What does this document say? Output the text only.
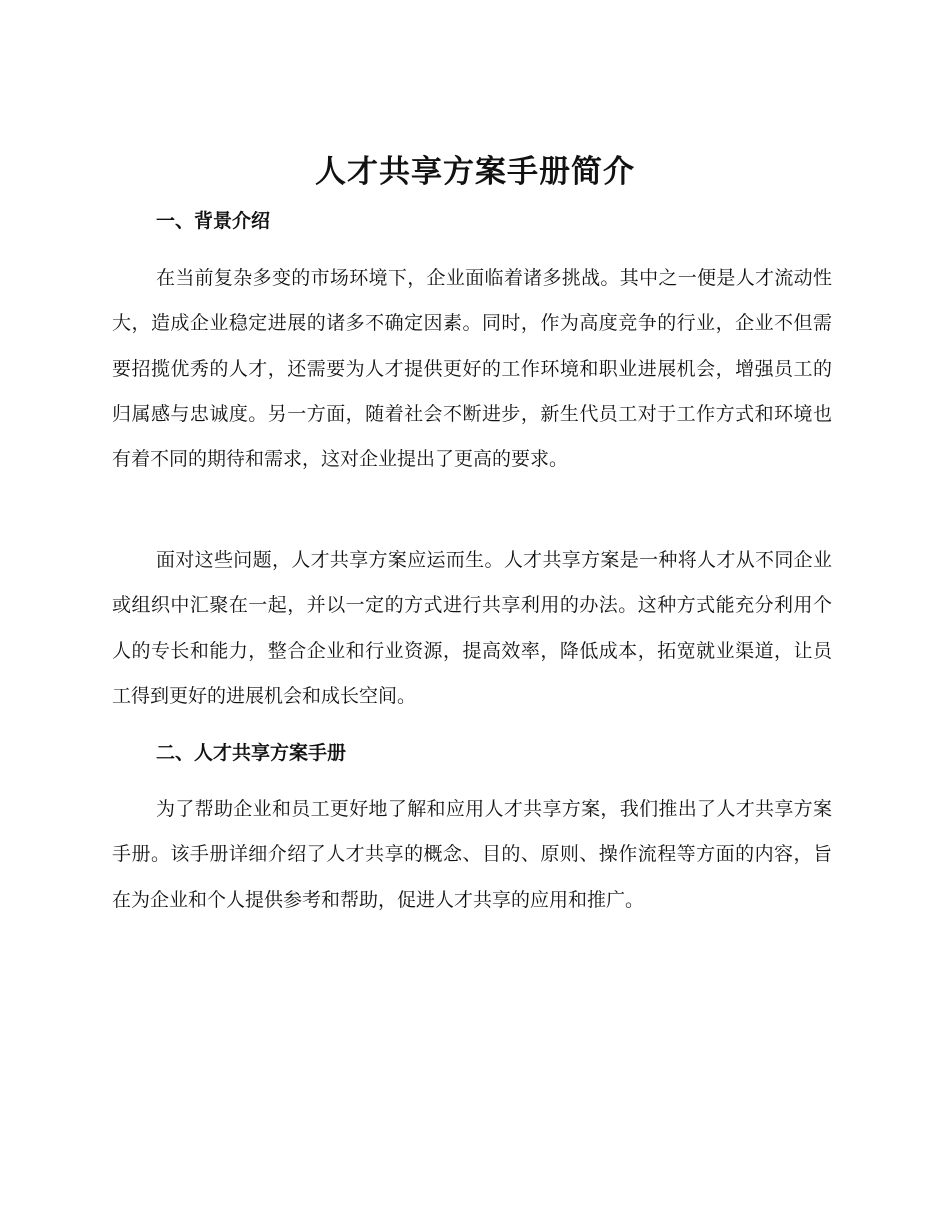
人才共享方案手册简介
一、背景介绍

在当前复杂多变的市场环境下，企业面临着诸多挑战。其中之一便是人才流动性大，造成企业稳定进展的诸多不确定因素。同时，作为高度竞争的行业，企业不但需要招揽优秀的人才，还需要为人才提供更好的工作环境和职业进展机会，增强员工的归属感与忠诚度。另一方面，随着社会不断进步，新生代员工对于工作方式和环境也有着不同的期待和需求，这对企业提出了更高的要求。

面对这些问题，人才共享方案应运而生。人才共享方案是一种将人才从不同企业或组织中汇聚在一起，并以一定的方式进行共享利用的办法。这种方式能充分利用个人的专长和能力，整合企业和行业资源，提高效率，降低成本，拓宽就业渠道，让员工得到更好的进展机会和成长空间。

二、人才共享方案手册

为了帮助企业和员工更好地了解和应用人才共享方案，我们推出了人才共享方案手册。该手册详细介绍了人才共享的概念、目的、原则、操作流程等方面的内容，旨在为企业和个人提供参考和帮助，促进人才共享的应用和推广。
